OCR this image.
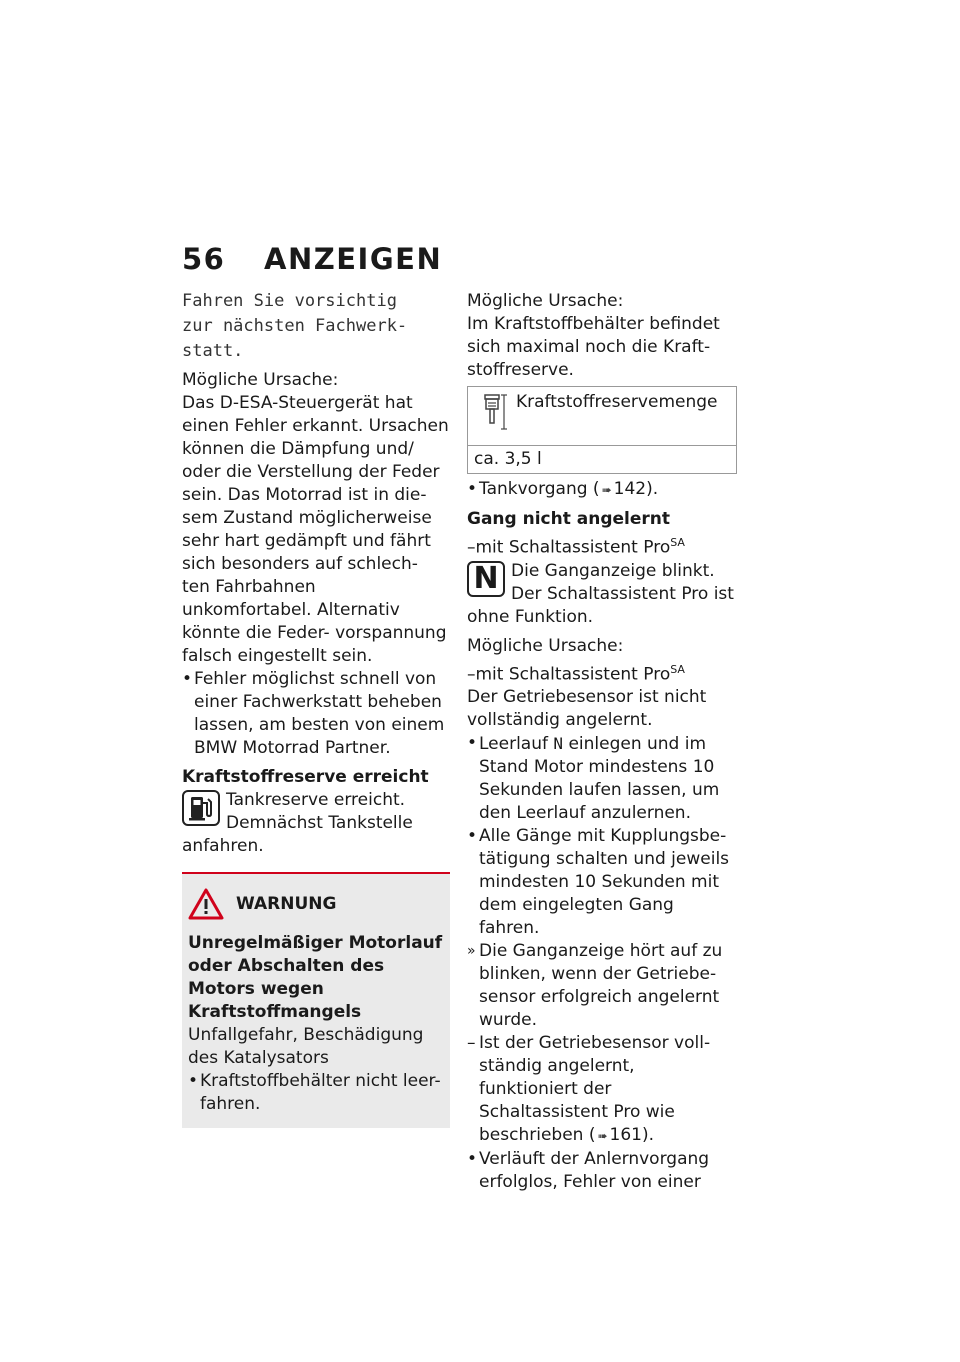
56 ANZEIGEN

Fahren Sie vorsichtig

zur nächsten Fachwerk-

statt.

Mögliche Ursache:

Das D-ESA-Steuergerät hat einen Fehler erkannt. Ursachen können die Dämpfung und/ oder die Verstellung der Feder sein. Das Motorrad ist in die- sem Zustand möglicherweise sehr hart gedämpft und fährt sich besonders auf schlech- ten Fahrbahnen unkomfortabel. Alternativ könnte die Feder- vorspannung falsch eingestellt sein.

• Fehler möglichst schnell von einer Fachwerkstatt beheben lassen, am besten von einem BMW Motorrad Partner.

Kraftstoffreserve erreicht

Tankreserve erreicht.

Demnächst Tankstelle

anfahren.

WARNUNG

Unregelmäßiger Motorlauf oder Abschalten des Motors wegen Kraftstoffmangels

Unfallgefahr, Beschädigung des Katalysators

• Kraftstoffbehälter nicht leer- fahren.

Mögliche Ursache:

Im Kraftstoffbehälter befindet sich maximal noch die Kraft- stoffreserve.

Kraftstoffreservemenge
ca. 3,5 l
• Tankvorgang ( ➠ 142).

Gang nicht angelernt

–mit Schaltassistent Pro$^{SA}$

N Die Ganganzeige blinkt.

Der Schaltassistent Pro ist

ohne Funktion.

Mögliche Ursache:

–mit Schaltassistent Pro$^{SA}$

Der Getriebesensor ist nicht vollständig angelernt.

• Leerlauf N einlegen und im Stand Motor mindestens 10 Sekunden laufen lassen, um den Leerlauf anzulernen.
• Alle Gänge mit Kupplungsbe- tätigung schalten und jeweils mindesten 10 Sekunden mit dem eingelegten Gang fahren.
» Die Ganganzeige hört auf zu blinken, wenn der Getriebe- sensor erfolgreich angelernt wurde.
– Ist der Getriebesensor voll- ständig angelernt, funktioniert der Schaltassistent Pro wie beschrieben ( ➠ 161).
• Verläuft der Anlernvorgang erfolglos, Fehler von einer
